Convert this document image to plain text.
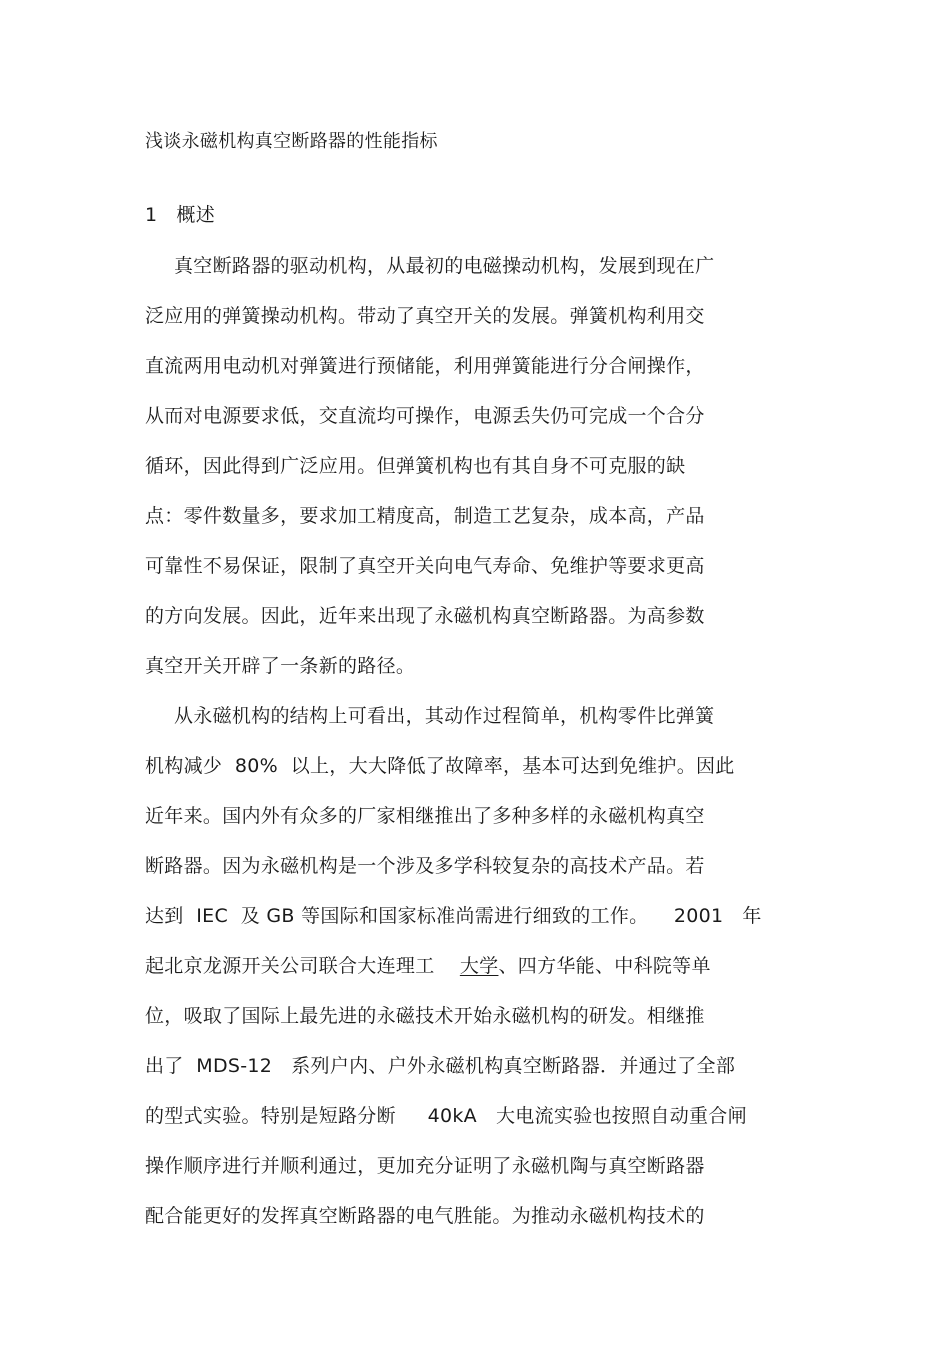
浅谈永磁机构真空断路器的性能指标
1   概述
真空断路器的驱动机构，从最初的电磁操动机构，发展到现在广
泛应用的弹簧操动机构。带动了真空开关的发展。弹簧机构利用交
直流两用电动机对弹簧进行预储能，利用弹簧能进行分合闸操作，
从而对电源要求低，交直流均可操作，电源丢失仍可完成一个合分
循环，因此得到广泛应用。但弹簧机构也有其自身不可克服的缺
点：零件数量多，要求加工精度高，制造工艺复杂，成本高，产品
可靠性不易保证，限制了真空开关向电气寿命、免维护等要求更高
的方向发展。因此，近年来出现了永磁机构真空断路器。为高参数
真空开关开辟了一条新的路径。
从永磁机构的结构上可看出，其动作过程简单，机构零件比弹簧
机构减少  80%  以上，大大降低了故障率，基本可达到免维护。因此
近年来。国内外有众多的厂家相继推出了多种多样的永磁机构真空
断路器。因为永磁机构是一个涉及多学科较复杂的高技术产品。若
达到  IEC  及 GB 等国际和国家标准尚需进行细致的工作。    2001   年
起北京龙源开关公司联合大连理工    大学、四方华能、中科院等单
位，吸取了国际上最先进的永磁技术开始永磁机构的研发。相继推
出了  MDS-12   系列户内、户外永磁机构真空断路器．并通过了全部
的型式实验。特别是短路分断     40kA   大电流实验也按照自动重合闸
操作顺序进行并顺利通过，更加充分证明了永磁机陶与真空断路器
配合能更好的发挥真空断路器的电气胜能。为推动永磁机构技术的
